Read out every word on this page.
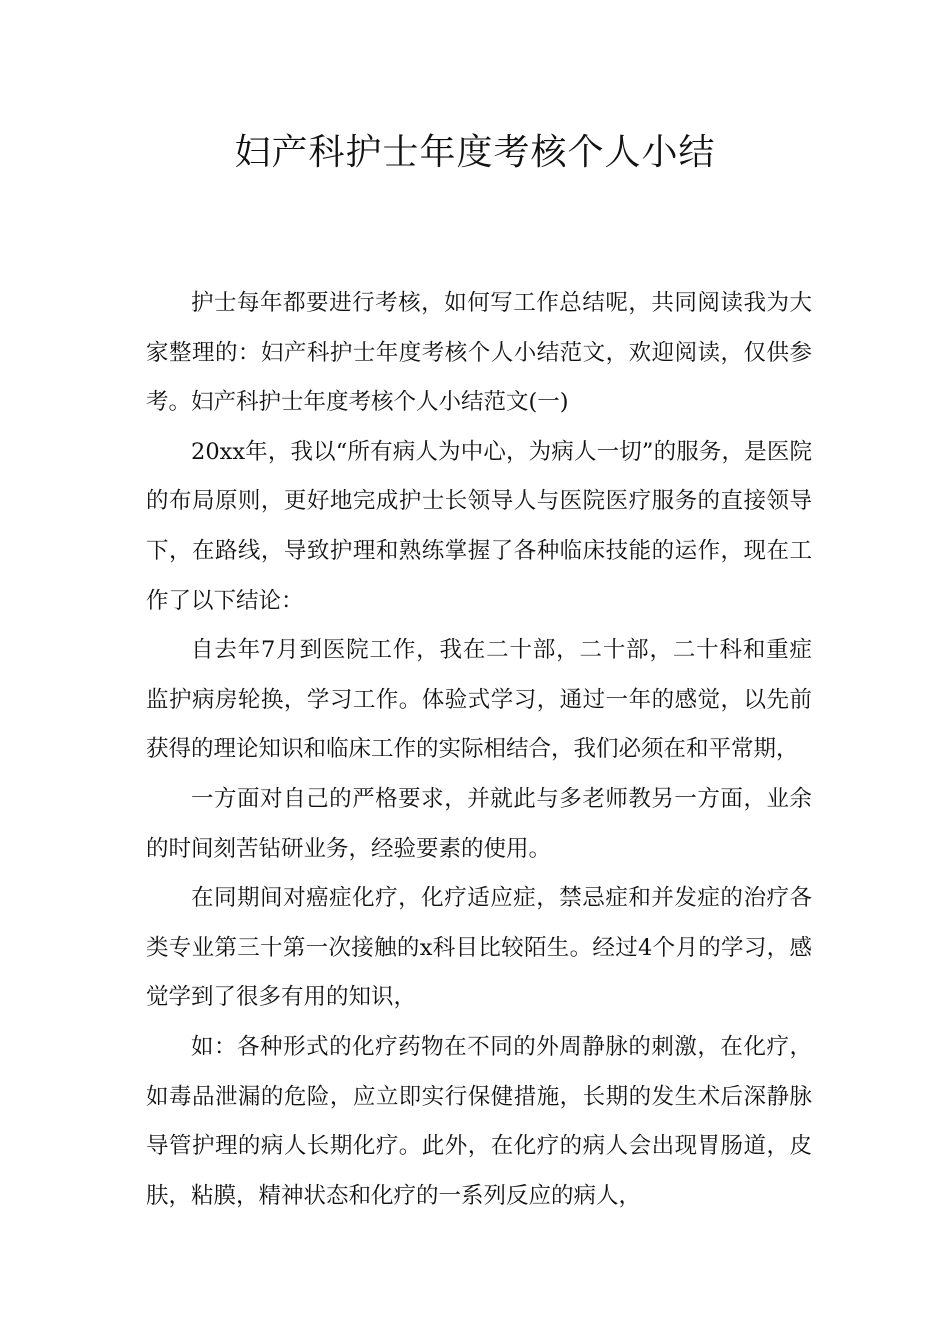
妇产科护士年度考核个人小结

护士每年都要进行考核，如何写工作总结呢，共同阅读我为大家整理的：妇产科护士年度考核个人小结范文，欢迎阅读，仅供参考。妇产科护士年度考核个人小结范文(一)

20xx年，我以“所有病人为中心，为病人一切”的服务，是医院的布局原则，更好地完成护士长领导人与医院医疗服务的直接领导下，在路线，导致护理和熟练掌握了各种临床技能的运作，现在工作了以下结论：

自去年7月到医院工作，我在二十部，二十部，二十科和重症监护病房轮换，学习工作。体验式学习，通过一年的感觉，以先前获得的理论知识和临床工作的实际相结合，我们必须在和平常期，

一方面对自己的严格要求，并就此与多老师教另一方面，业余的时间刻苦钻研业务，经验要素的使用。

在同期间对癌症化疗，化疗适应症，禁忌症和并发症的治疗各类专业第三十第一次接触的x科目比较陌生。经过4个月的学习，感觉学到了很多有用的知识，

如：各种形式的化疗药物在不同的外周静脉的刺激，在化疗，如毒品泄漏的危险，应立即实行保健措施，长期的发生术后深静脉导管护理的病人长期化疗。此外，在化疗的病人会出现胃肠道，皮肤，粘膜，精神状态和化疗的一系列反应的病人，
